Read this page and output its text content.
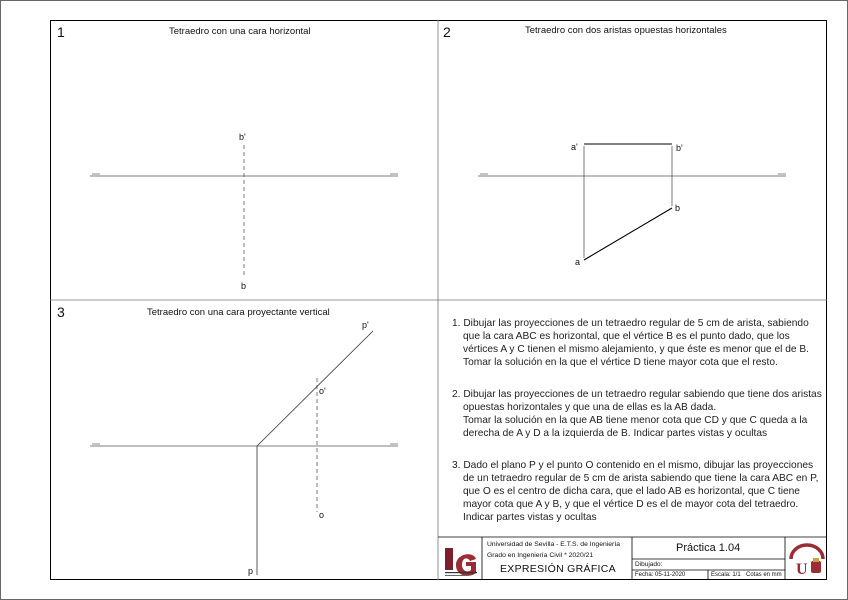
1	Tetraedro con una cara horizontal
b'
b
2	Tetraedro con dos aristas opuestas horizontales
a'	b'
b
a
3	Tetraedro con una cara proyectante vertical
p'
o'
o
p
1. Dibujar las proyecciones de un tetraedro regular de 5 cm de arista, sabiendo
que la cara ABC es horizontal, que el vértice B es el punto dado, que los
vértices A y C tienen el mismo alejamiento, y que éste es menor que el de B.
Tomar la solución en la que el vértice D tiene mayor cota que el resto.
2. Dibujar las proyecciones de un tetraedro regular sabiendo que tiene dos aristas
opuestas horizontales y que una de ellas es la AB dada.
Tomar la solución en la que AB tiene menor cota que CD y que C queda a la
derecha de A y D a la izquierda de B. Indicar partes vistas y ocultas
3. Dado el plano P y el punto O contenido en el mismo, dibujar las proyecciones
de un tetraedro regular de 5 cm de arista sabiendo que tiene la cara ABC en P,
que O es el centro de dicha cara, que el lado AB es horizontal, que C tiene
mayor cota que A y B, y que el vértice D es el de mayor cota del tetraedro.
Indicar partes vistas y ocultas
Universidad de Sevilla - E.T.S. de Ingeniería
Grado en Ingeniería Civil * 2020/21
EXPRESIÓN GRÁFICA
Práctica 1.04
Dibujado:
Fecha: 05-11-2020	Escala: 1/1 Cotas en mm U
